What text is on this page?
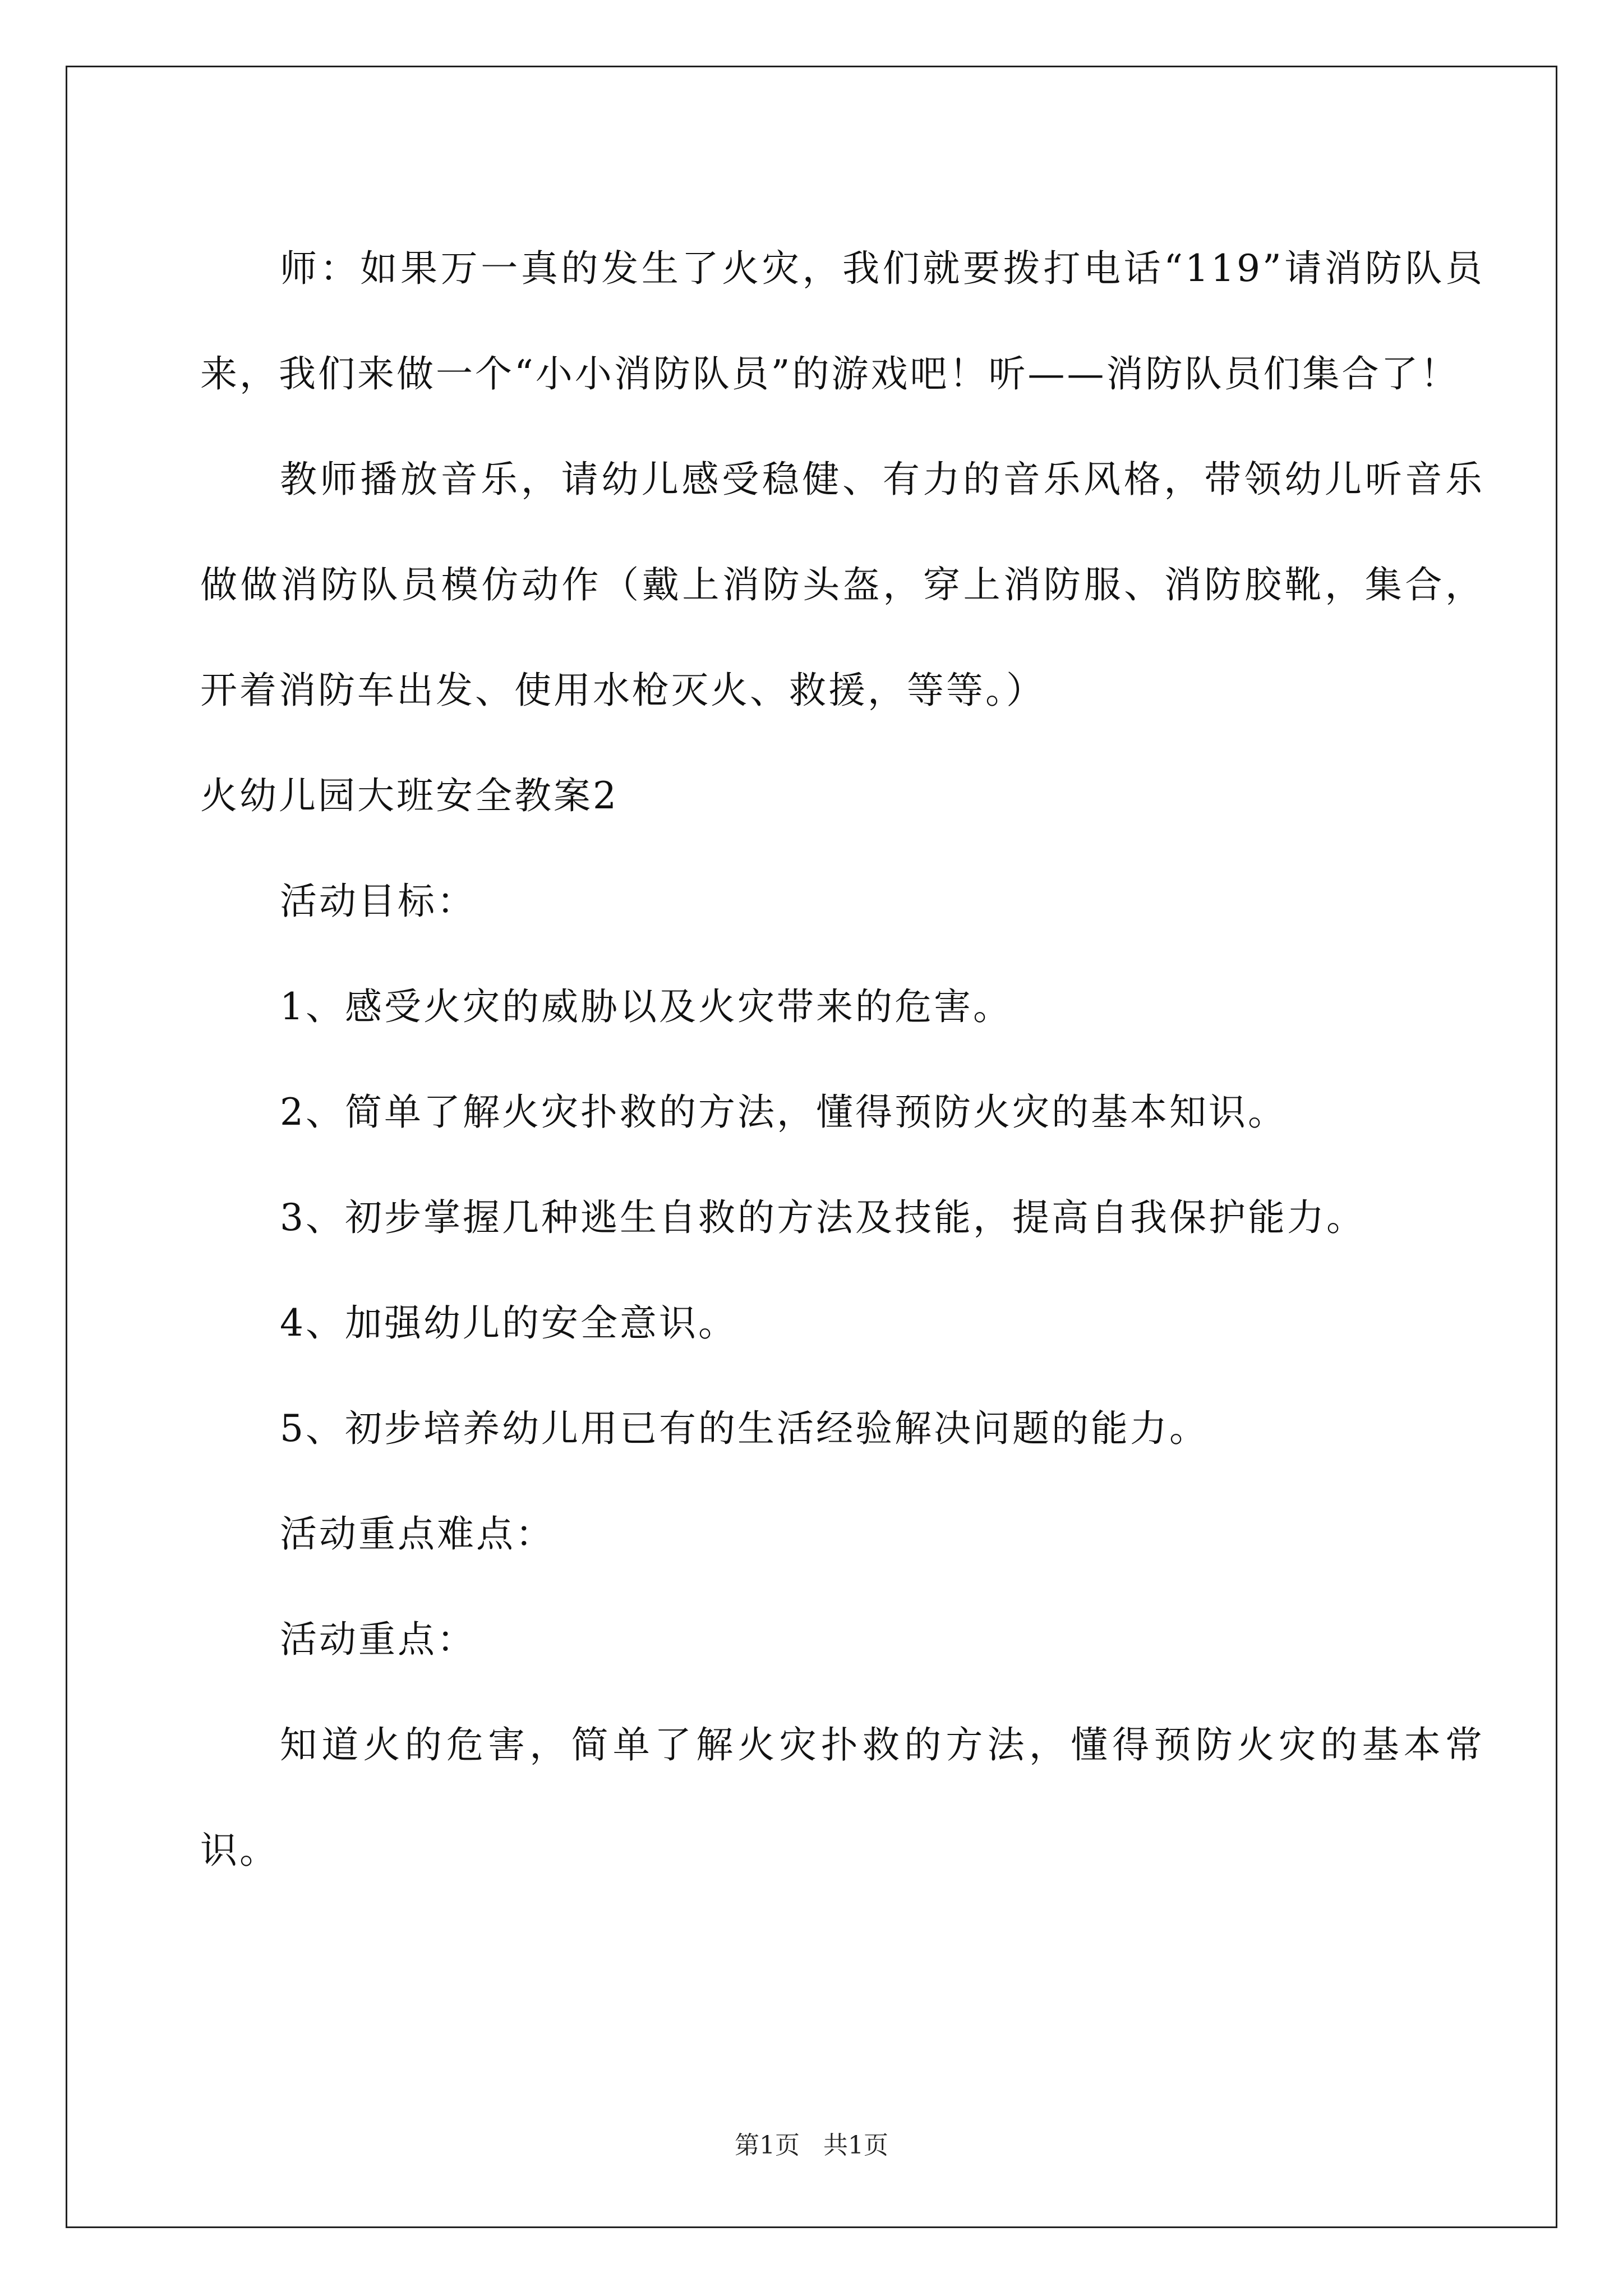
师：如果万一真的发生了火灾，我们就要拨打电话“119”请消防队员来，我们来做一个“小小消防队员”的游戏吧！听——消防队员们集合了！

教师播放音乐，请幼儿感受稳健、有力的音乐风格，带领幼儿听音乐做做消防队员模仿动作（戴上消防头盔，穿上消防服、消防胶靴，集合，开着消防车出发、使用水枪灭火、救援，等等。）

火幼儿园大班安全教案2

活动目标：

1、感受火灾的威胁以及火灾带来的危害。

2、简单了解火灾扑救的方法，懂得预防火灾的基本知识。

3、初步掌握几种逃生自救的方法及技能，提高自我保护能力。

4、加强幼儿的安全意识。

5、初步培养幼儿用已有的生活经验解决问题的能力。

活动重点难点：

活动重点：

知道火的危害，简单了解火灾扑救的方法，懂得预防火灾的基本常识。

第1页   共1页
